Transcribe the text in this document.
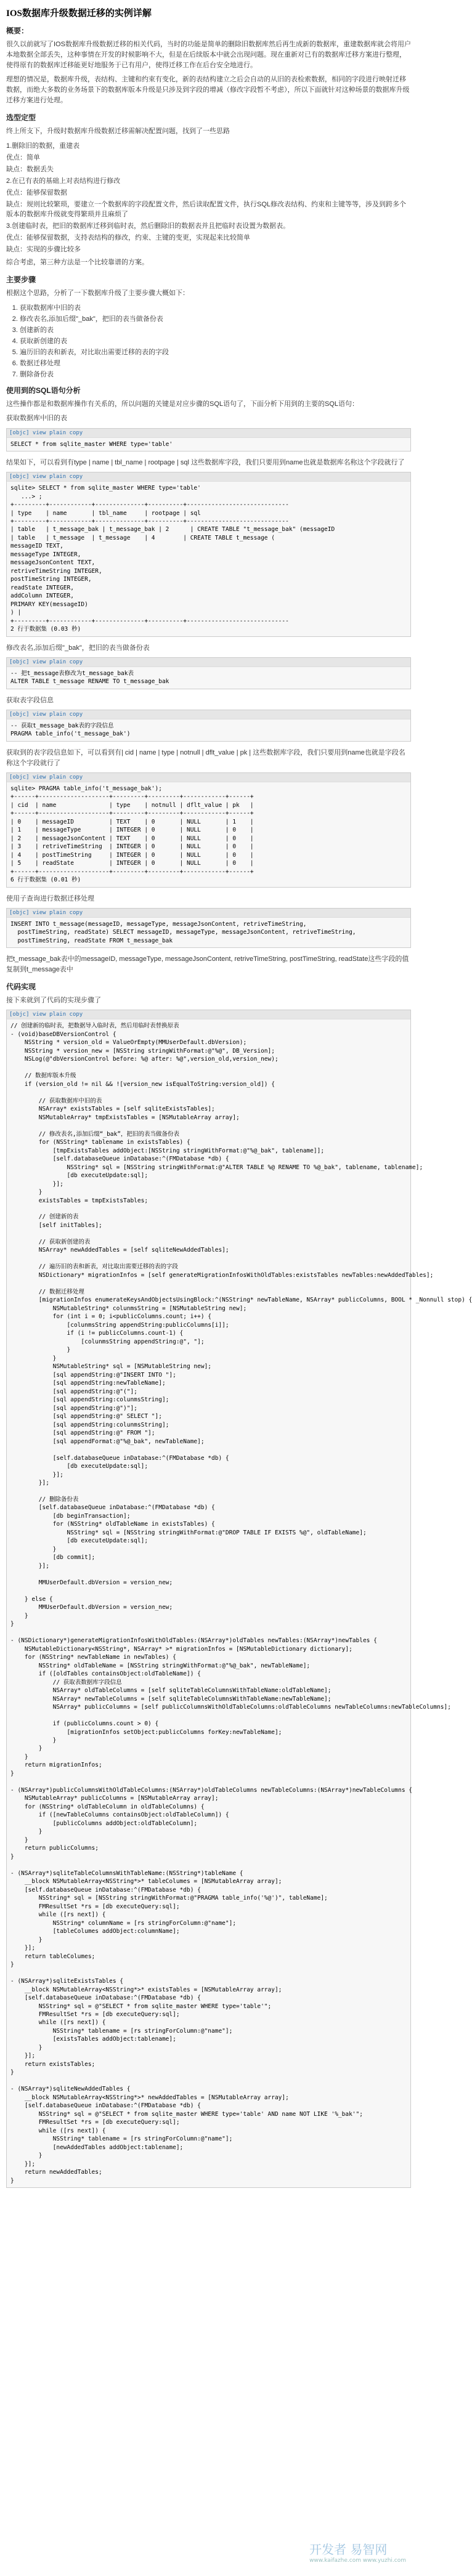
IOS数据库升级数据迁移的实例详解
概要：
很久以前就写了IOS数据库升级数据迁移的相关代码，当时的功能是简单的删除旧数据库然后再生成新的数据库，重建数据库就会将用户本地数据全部丢失，这种事情在开发的时候影响不大，但是在后续版本中就会出现问题。现在重新对已有的数据库迁移方案进行整理，使得原有的数据库迁移能更好地服务于已有用户，使得迁移工作在后台安全地进行。
理想的情况是，数据库升级，表结构、主键和约束有变化，新的表结构建立之后会自动的从旧的表检索数据，相同的字段进行映射迁移数据，而绝大多数的业务场景下的数据库版本升级是只涉及到字段的增减（修改字段暂不考虑），所以下面就针对这种场景的数据库升级迁移方案进行处理。
选型定型
终上所支下，升级时数据库升级数据迁移需解决配置问题，找到了一些思路
1.删除旧的数据，重建表
优点：简单
缺点：数据丢失
2.在已有表的基础上对表结构进行修改
优点：能够保留数据
缺点：规则比较繁琐，要建立一个数据库的字段配置文件，然后读取配置文件，执行SQL修改表结构、约束和主键等等，涉及到跨多个版本的数据库升级就变得繁琐并且麻烦了
3.创建临时表，把旧的数据库迁移到临时表，然后删除旧的数据表并且把临时表设置为数据表。
优点：能够保留数据，支持表结构的修改，约束、主键的变更，实现起来比较简单
缺点：实现的步骤比较多
综合考虑，第三种方法是一个比较靠谱的方案。
主要步骤
根据这个思路，分析了一下数据库升级了主要步骤大概如下：
1. 获取数据库中旧的表
2. 修改表名,添加后缀"_bak"，把旧的表当做备份表
3. 创建新的表
4. 获取新创建的表
5. 遍历旧的表和新表，对比取出需要迁移的表的字段
6. 数据迁移处理
7. 删除备份表
使用到的SQL语句分析
这些操作都是和数据库操作有关系的，所以问题的关键是对应步骤的SQL语句了，下面分析下用到的主要的SQL语句：
获取数据库中旧的表
[objc] view plain copy
SELECT * from sqlite_master WHERE type='table'
结果如下，可以看到有type | name | tbl_name | rootpage | sql 这些数据库字段，我们只要用到name也就是数据库名称这个字段就行了
[objc] view plain copy
sqlite> SELECT * from sqlite_master WHERE type='table'
...> ;
+---------+------------+--------------+----------+-----------------------------
| type    | name       | tbl_name     | rootpage | sql
+---------+------------+--------------+----------+-----------------------------
| table   | t_message_bak | t_message_bak | 2      | CREATE TABLE "t_message_bak" (messageID
| table   | t_message  | t_message    | 4        | CREATE TABLE t_message (
messageID TEXT,
messageType INTEGER,
messageJsonContent TEXT,
retriveTimeString INTEGER,
postTimeString INTEGER,
readState INTEGER,
addColumn INTEGER,
PRIMARY KEY(messageID)
) |
+---------+------------+--------------+----------+-----------------------------
2 行于数据集 (0.03 秒)
修改表名,添加后缀"_bak"，把旧的表当做备份表
[objc] view plain copy
-- 把t_message表修改为t_message_bak表
ALTER TABLE t_message RENAME TO t_message_bak
获取表字段信息
[objc] view plain copy
-- 获取t_message_bak表的字段信息
PRAGMA table_info('t_message_bak')
获取到的表字段信息如下，可以看到有| cid | name | type | notnull | dflt_value | pk | 这些数据库字段，我们只要用到name也就是字段名称这个字段就行了
[objc] view plain copy
sqlite> PRAGMA table_info('t_message_bak');
+------+--------------------+---------+---------+------------+------+
| cid  | name               | type    | notnull | dflt_value | pk   |
+------+--------------------+---------+---------+------------+------+
| 0    | messageID          | TEXT    | 0       | NULL       | 1    |
| 1    | messageType        | INTEGER | 0       | NULL       | 0    |
| 2    | messageJsonContent | TEXT    | 0       | NULL       | 0    |
| 3    | retriveTimeString  | INTEGER | 0       | NULL       | 0    |
| 4    | postTimeString     | INTEGER | 0       | NULL       | 0    |
| 5    | readState          | INTEGER | 0       | NULL       | 0    |
+------+--------------------+---------+---------+------------+------+
6 行于数据集 (0.01 秒)
使用子查询进行数据迁移处理
[objc] view plain copy
INSERT INTO t_message(messageID, messageType, messageJsonContent, retriveTimeString,
postTimeString, readState) SELECT messageID, messageType, messageJsonContent, retriveTimeString,
postTimeString, readState FROM t_message_bak
把t_message_bak表中的messageID, messageType, messageJsonContent, retriveTimeString, postTimeString, readState这些字段的值复制到t_message表中
代码实现
接下来就到了代码的实现步骤了
[objc] view plain copy
// 创建新的临时表，把数据导入临时表，然后用临时表替换原表
- (void)baseDBVersionControl {
NSString * version_old = ValueOrEmpty(MMUserDefault.dbVersion);
NSString * version_new = [NSString stringWithFormat:@"%@", DB_Version];
NSLog(@"dbVersionControl before: %@ after: %@",version_old,version_new);

// 数据库版本升级
if (version_old != nil && ![version_new isEqualToString:version_old]) {

// 获取数据库中旧的表
NSArray* existsTables = [self sqliteExistsTables];
NSMutableArray* tmpExistsTables = [NSMutableArray array];

// 修改表名,添加后缀“_bak”，把旧的表当做备份表
for (NSString* tablename in existsTables) {
[tmpExistsTables addObject:[NSString stringWithFormat:@"%@_bak", tablename]];
[self.databaseQueue inDatabase:^(FMDatabase *db) {
NSString* sql = [NSString stringWithFormat:@"ALTER TABLE %@ RENAME TO %@_bak", tablename, tablename];
[db executeUpdate:sql];
}];
}
existsTables = tmpExistsTables;

// 创建新的表
[self initTables];

// 获取新创建的表
NSArray* newAddedTables = [self sqliteNewAddedTables];

// 遍历旧的表和新表，对比取出需要迁移的表的字段
NSDictionary* migrationInfos = [self generateMigrationInfosWithOldTables:existsTables newTables:newAddedTables];

// 数据迁移处理
[migrationInfos enumerateKeysAndObjectsUsingBlock:^(NSString* newTableName, NSArray* publicColumns, BOOL * _Nonnull stop) {
NSMutableString* colunmsString = [NSMutableString new];
for (int i = 0; i<publicColumns.count; i++) {
[colunmsString appendString:publicColumns[i]];
if (i != publicColumns.count-1) {
[colunmsString appendString:@", "];
}
}
NSMutableString* sql = [NSMutableString new];
[sql appendString:@"INSERT INTO "];
[sql appendString:newTableName];
[sql appendString:@"("];
[sql appendString:colunmsString];
[sql appendString:@")"];
[sql appendString:@" SELECT "];
[sql appendString:colunmsString];
[sql appendString:@" FROM "];
[sql appendFormat:@"%@_bak", newTableName];

[self.databaseQueue inDatabase:^(FMDatabase *db) {
[db executeUpdate:sql];
}];
}];

// 删除备份表
[self.databaseQueue inDatabase:^(FMDatabase *db) {
[db beginTransaction];
for (NSString* oldTableName in existsTables) {
NSString* sql = [NSString stringWithFormat:@"DROP TABLE IF EXISTS %@", oldTableName];
[db executeUpdate:sql];
}
[db commit];
}];

MMUserDefault.dbVersion = version_new;

} else {
MMUserDefault.dbVersion = version_new;
}
}

- (NSDictionary*)generateMigrationInfosWithOldTables:(NSArray*)oldTables newTables:(NSArray*)newTables {
NSMutableDictionary<NSString*, NSArray* >* migrationInfos = [NSMutableDictionary dictionary];
for (NSString* newTableName in newTables) {
NSString* oldTableName = [NSString stringWithFormat:@"%@_bak", newTableName];
if ([oldTables containsObject:oldTableName]) {
// 获取表数据库字段信息
NSArray* oldTableColumns = [self sqliteTableColumnsWithTableName:oldTableName];
NSArray* newTableColumns = [self sqliteTableColumnsWithTableName:newTableName];
NSArray* publicColumns = [self publicColumnsWithOldTableColumns:oldTableColumns newTableColumns:newTableColumns];

if (publicColumns.count > 0) {
[migrationInfos setObject:publicColumns forKey:newTableName];
}
}
}
return migrationInfos;
}

- (NSArray*)publicColumnsWithOldTableColumns:(NSArray*)oldTableColumns newTableColumns:(NSArray*)newTableColumns {
NSMutableArray* publicColumns = [NSMutableArray array];
for (NSString* oldTableColumn in oldTableColumns) {
if ([newTableColumns containsObject:oldTableColumn]) {
[publicColumns addObject:oldTableColumn];
}
}
return publicColumns;
}

- (NSArray*)sqliteTableColumnsWithTableName:(NSString*)tableName {
__block NSMutableArray<NSString*>* tableColumes = [NSMutableArray array];
[self.databaseQueue inDatabase:^(FMDatabase *db) {
NSString* sql = [NSString stringWithFormat:@"PRAGMA table_info('%@')", tableName];
FMResultSet *rs = [db executeQuery:sql];
while ([rs next]) {
NSString* columnName = [rs stringForColumn:@"name"];
[tableColumes addObject:columnName];
}
}];
return tableColumes;
}

- (NSArray*)sqliteExistsTables {
__block NSMutableArray<NSString*>* existsTables = [NSMutableArray array];
[self.databaseQueue inDatabase:^(FMDatabase *db) {
NSString* sql = @"SELECT * from sqlite_master WHERE type='table'";
FMResultSet *rs = [db executeQuery:sql];
while ([rs next]) {
NSString* tablename = [rs stringForColumn:@"name"];
[existsTables addObject:tablename];
}
}];
return existsTables;
}

- (NSArray*)sqliteNewAddedTables {
__block NSMutableArray<NSString*>* newAddedTables = [NSMutableArray array];
[self.databaseQueue inDatabase:^(FMDatabase *db) {
NSString* sql = @"SELECT * from sqlite_master WHERE type='table' AND name NOT LIKE '%_bak'";
FMResultSet *rs = [db executeQuery:sql];
while ([rs next]) {
NSString* tablename = [rs stringForColumn:@"name"];
[newAddedTables addObject:tablename];
}
}];
return newAddedTables;
}
开发者 易智网
www.kaifazhe.com www.yuzhi.com
